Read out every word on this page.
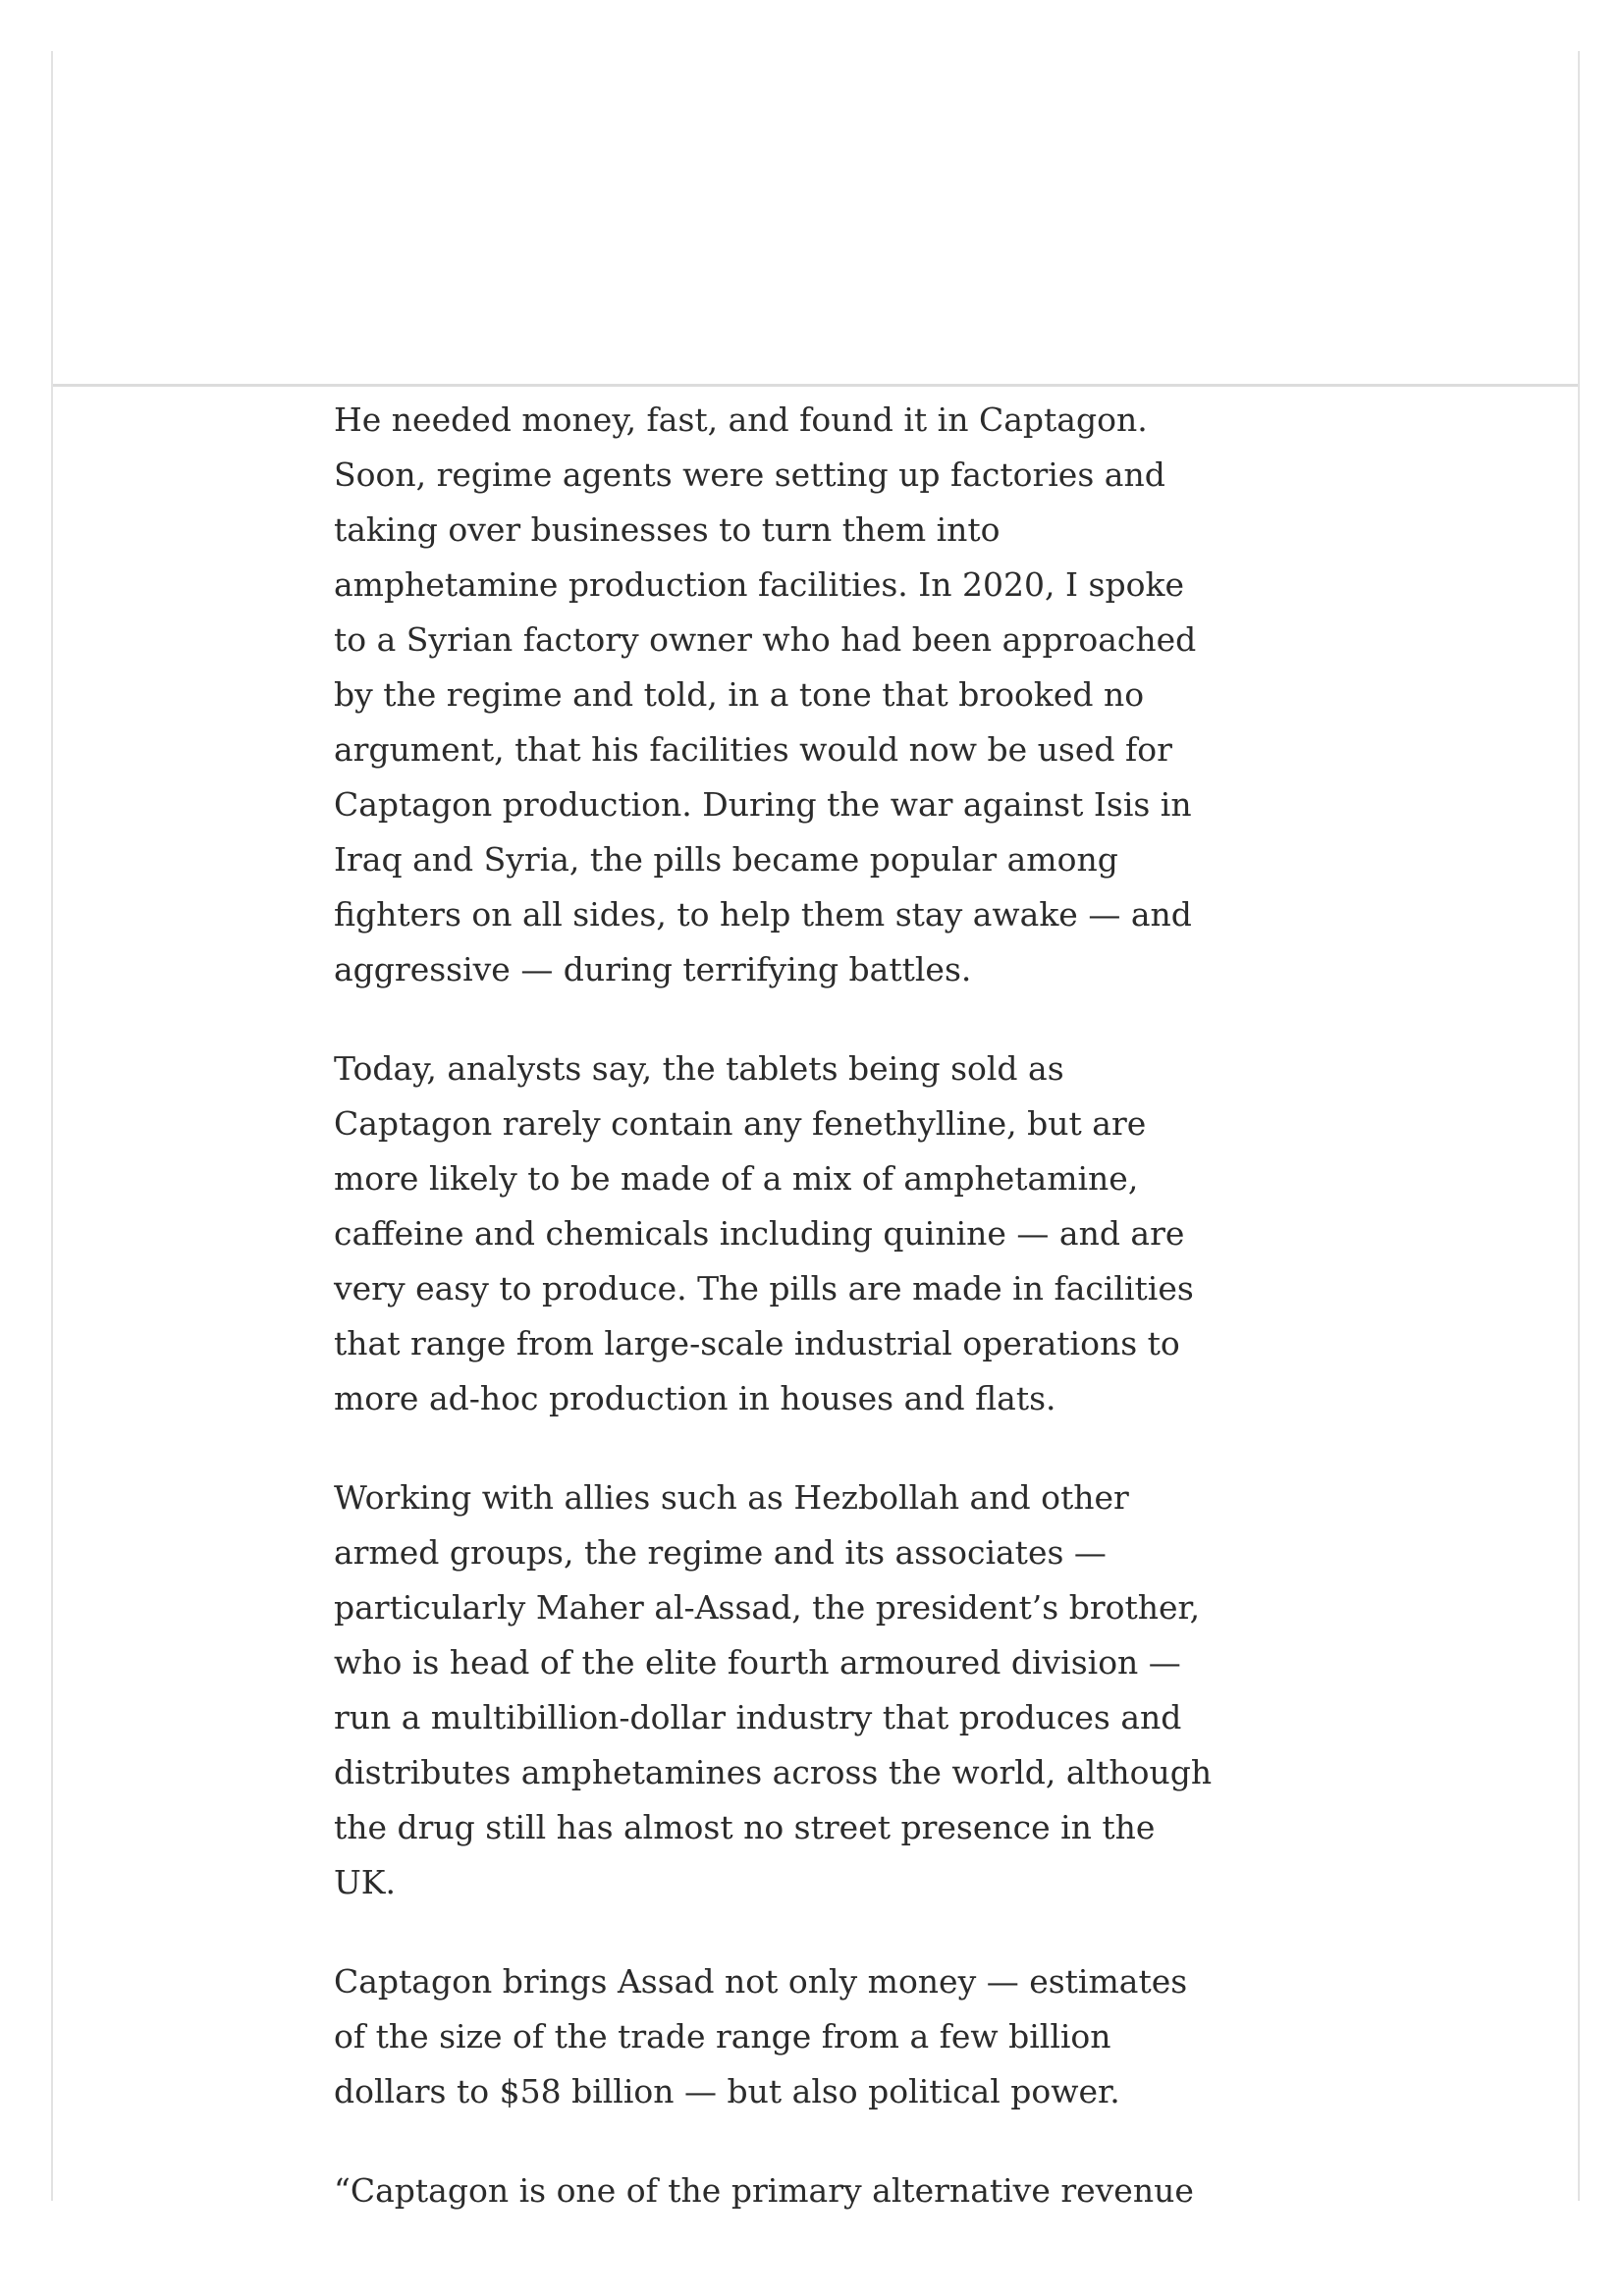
He needed money, fast, and found it in Captagon. Soon, regime agents were setting up factories and taking over businesses to turn them into amphetamine production facilities. In 2020, I spoke to a Syrian factory owner who had been approached by the regime and told, in a tone that brooked no argument, that his facilities would now be used for Captagon production. During the war against Isis in Iraq and Syria, the pills became popular among fighters on all sides, to help them stay awake — and aggressive — during terrifying battles.

Today, analysts say, the tablets being sold as Captagon rarely contain any fenethylline, but are more likely to be made of a mix of amphetamine, caffeine and chemicals including quinine — and are very easy to produce. The pills are made in facilities that range from large-scale industrial operations to more ad-hoc production in houses and flats.

Working with allies such as Hezbollah and other armed groups, the regime and its associates — particularly Maher al-Assad, the president’s brother, who is head of the elite fourth armoured division — run a multibillion-dollar industry that produces and distributes amphetamines across the world, although the drug still has almost no street presence in the UK.

Captagon brings Assad not only money — estimates of the size of the trade range from a few billion dollars to $58 billion — but also political power.

“Captagon is one of the primary alternative revenue
